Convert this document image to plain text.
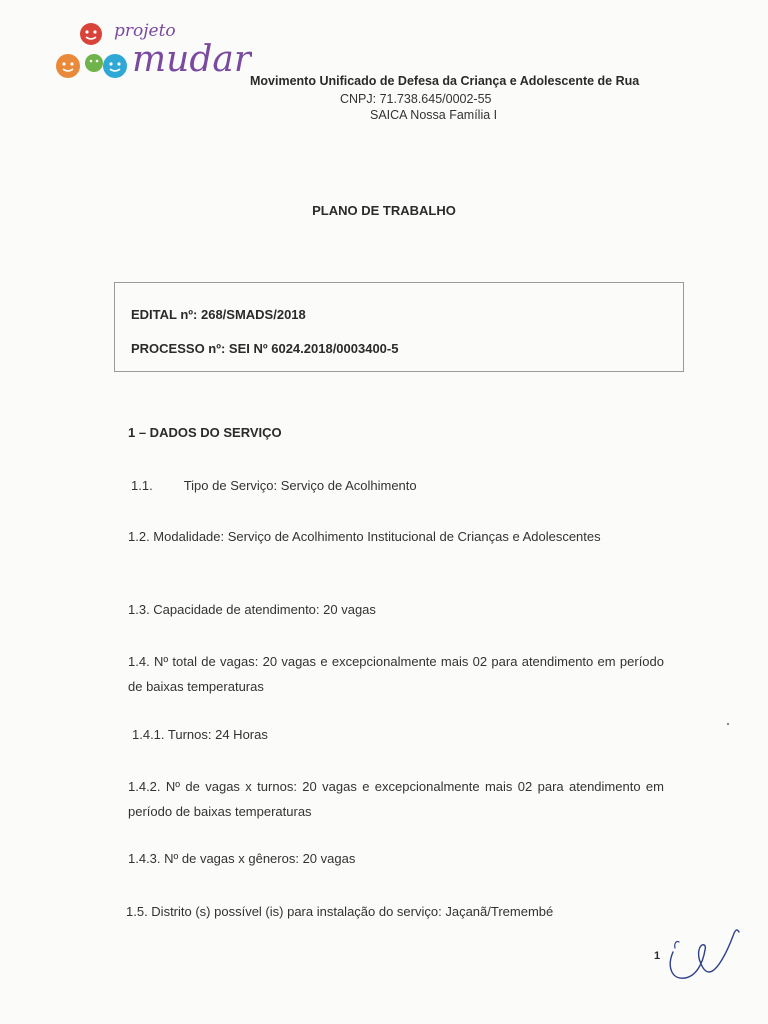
projeto
mudar
Movimento Unificado de Defesa da Criança e Adolescente de Rua
CNPJ: 71.738.645/0002-55
SAICA Nossa Família I
PLANO DE TRABALHO
EDITAL nº: 268/SMADS/2018
PROCESSO nº: SEI Nº 6024.2018/0003400-5
1 – DADOS DO SERVIÇO
1.1. Tipo de Serviço: Serviço de Acolhimento
1.2. Modalidade: Serviço de Acolhimento Institucional de Crianças e Adolescentes
1.3. Capacidade de atendimento: 20 vagas
1.4. Nº total de vagas: 20 vagas e excepcionalmente mais 02 para atendimento em período de baixas temperaturas
1.4.1. Turnos: 24 Horas
1.4.2. Nº de vagas x turnos: 20 vagas e excepcionalmente mais 02 para atendimento em período de baixas temperaturas
1.4.3. Nº de vagas x gêneros: 20 vagas
1.5. Distrito (s) possível (is) para instalação do serviço: Jaçanã/Tremembé
1
